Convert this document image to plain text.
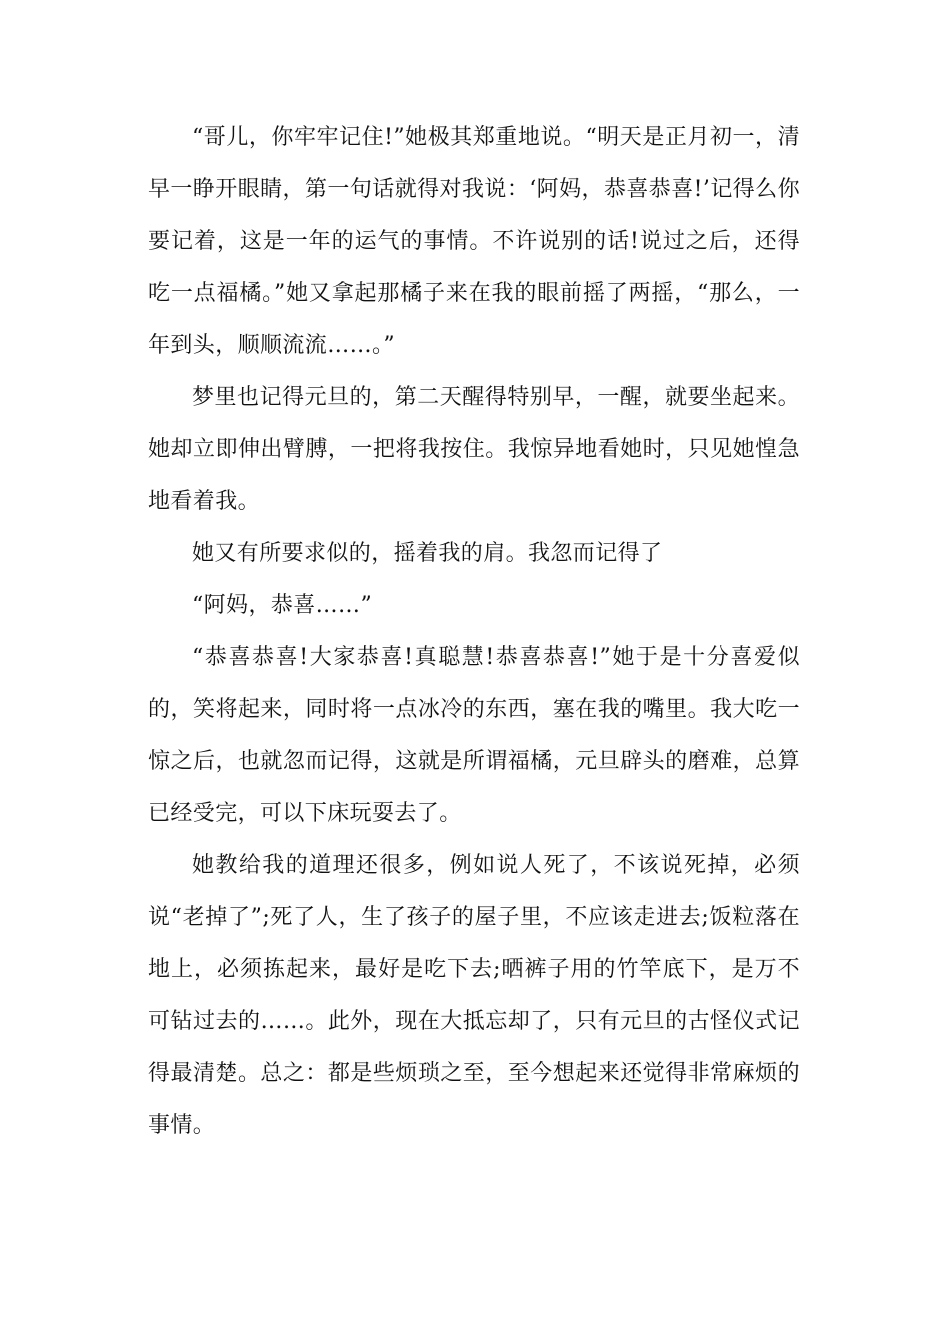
“哥儿，你牢牢记住!”她极其郑重地说。“明天是正月初一，清早一睁开眼睛，第一句话就得对我说：‘阿妈，恭喜恭喜!’记得么你要记着，这是一年的运气的事情。不许说别的话!说过之后，还得吃一点福橘。”她又拿起那橘子来在我的眼前摇了两摇，“那么，一年到头，顺顺流流……。”

梦里也记得元旦的，第二天醒得特别早，一醒，就要坐起来。她却立即伸出臂膊，一把将我按住。我惊异地看她时，只见她惶急地看着我。

她又有所要求似的，摇着我的肩。我忽而记得了

“阿妈，恭喜……”

“恭喜恭喜!大家恭喜!真聪慧!恭喜恭喜!”她于是十分喜爱似的，笑将起来，同时将一点冰冷的东西，塞在我的嘴里。我大吃一惊之后，也就忽而记得，这就是所谓福橘，元旦辟头的磨难，总算已经受完，可以下床玩耍去了。

她教给我的道理还很多，例如说人死了，不该说死掉，必须说“老掉了”;死了人，生了孩子的屋子里，不应该走进去;饭粒落在地上，必须拣起来，最好是吃下去;晒裤子用的竹竿底下，是万不可钻过去的……。此外，现在大抵忘却了，只有元旦的古怪仪式记得最清楚。总之：都是些烦琐之至，至今想起来还觉得非常麻烦的事情。
